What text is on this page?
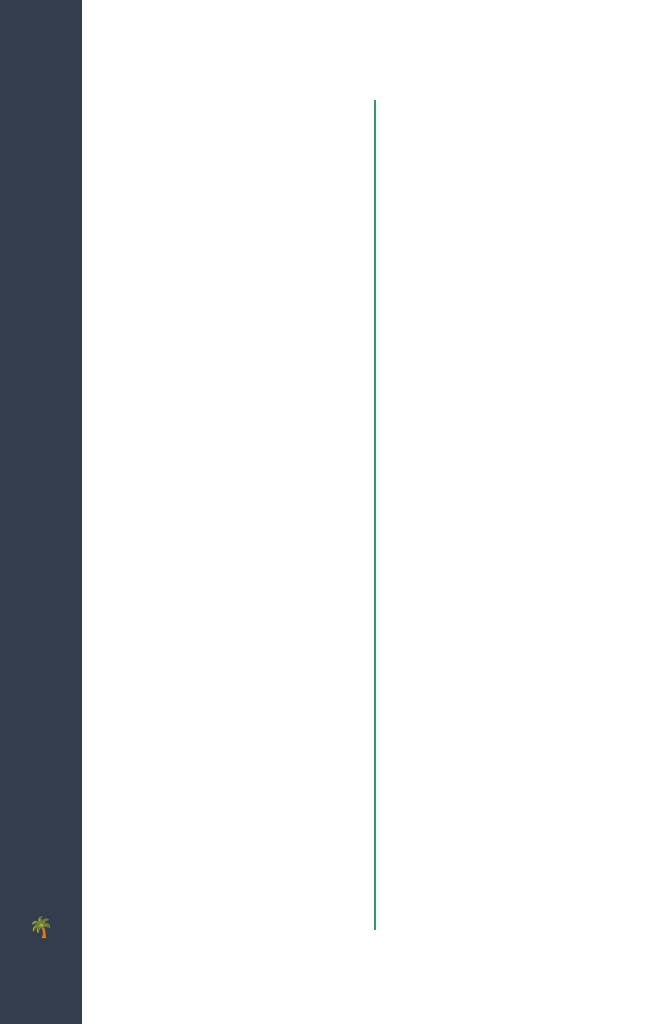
🌴
